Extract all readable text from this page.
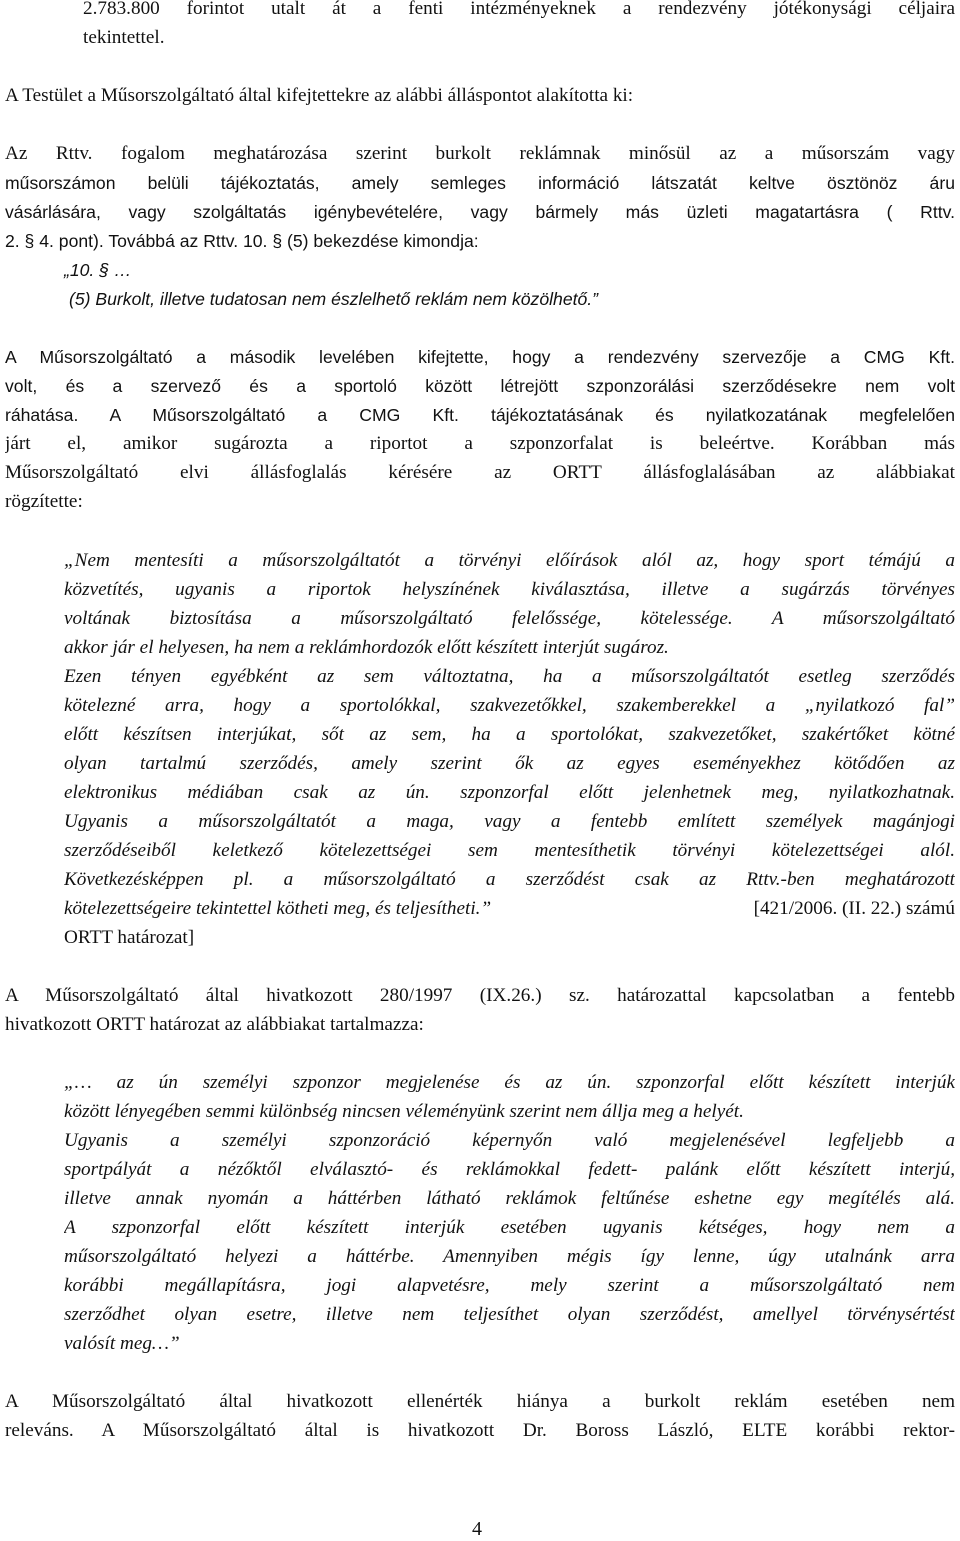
2.783.800 forintot utalt át a fenti intézményeknek a rendezvény jótékonysági céljaira
tekintettel.
A Testület a Műsorszolgáltató által kifejtettekre az alábbi álláspontot alakította ki:
Az Rttv. fogalom meghatározása szerint burkolt reklámnak minősül az a műsorszám vagy
műsorszámon belüli tájékoztatás, amely semleges információ látszatát keltve ösztönöz áru
vásárlására, vagy szolgáltatás igénybevételére, vagy bármely más üzleti magatartásra ( Rttv.
2. § 4. pont). Továbbá az Rttv. 10. § (5) bekezdése kimondja:
„10. § …
(5) Burkolt, illetve tudatosan nem észlelhető reklám nem közölhető.”
A Műsorszolgáltató a második levelében kifejtette, hogy a rendezvény szervezője a CMG Kft.
volt, és a szervező és a sportoló között létrejött szponzorálási szerződésekre nem volt
ráhatása. A Műsorszolgáltató a CMG Kft. tájékoztatásának és nyilatkozatának megfelelően
járt el, amikor sugározta a riportot a szponzorfalat is beleértve. Korábban más
Műsorszolgáltató elvi állásfoglalás kérésére az ORTT állásfoglalásában az alábbiakat
rögzítette:
„Nem mentesíti a műsorszolgáltatót a törvényi előírások alól az, hogy sport témájú a
közvetítés, ugyanis a riportok helyszínének kiválasztása, illetve a sugárzás törvényes
voltának biztosítása a műsorszolgáltató felelőssége, kötelessége. A műsorszolgáltató
akkor jár el helyesen, ha nem a reklámhordozók előtt készített interjút sugároz.
Ezen tényen egyébként az sem változtatna, ha a műsorszolgáltatót esetleg szerződés
kötelezné arra, hogy a sportolókkal, szakvezetőkkel, szakemberekkel a „nyilatkozó fal”
előtt készítsen interjúkat, sőt az sem, ha a sportolókat, szakvezetőket, szakértőket kötné
olyan tartalmú szerződés, amely szerint ők az egyes eseményekhez kötődően az
elektronikus médiában csak az ún. szponzorfal előtt jelenhetnek meg, nyilatkozhatnak.
Ugyanis a műsorszolgáltatót a maga, vagy a fentebb említett személyek magánjogi
szerződéseiből keletkező kötelezettségei sem mentesíthetik törvényi kötelezettségei alól.
Következésképpen pl. a műsorszolgáltató a szerződést csak az Rttv.-ben meghatározott
kötelezettségeire tekintettel kötheti meg, és teljesítheti.”	[421/2006. (II. 22.) számú
ORTT határozat]
A Műsorszolgáltató által hivatkozott 280/1997 (IX.26.) sz. határozattal kapcsolatban a fentebb
hivatkozott ORTT határozat az alábbiakat tartalmazza:
„… az ún személyi szponzor megjelenése és az ún. szponzorfal előtt készített interjúk
között lényegében semmi különbség nincsen véleményünk szerint nem állja meg a helyét.
Ugyanis a személyi szponzoráció képernyőn való megjelenésével legfeljebb a
sportpályát a nézőktől elválasztó- és reklámokkal fedett- palánk előtt készített interjú,
illetve annak nyomán a háttérben látható reklámok feltűnése eshetne egy megítélés alá.
A szponzorfal előtt készített interjúk esetében ugyanis kétséges, hogy nem a
műsorszolgáltató helyezi a háttérbe. Amennyiben mégis így lenne, úgy utalnánk arra
korábbi megállapításra, jogi alapvetésre, mely szerint a műsorszolgáltató nem
szerződhet olyan esetre, illetve nem teljesíthet olyan szerződést, amellyel törvénysértést
valósít meg…”
A Műsorszolgáltató által hivatkozott ellenérték hiánya a burkolt reklám esetében nem
releváns. A Műsorszolgáltató által is hivatkozott Dr. Boross László, ELTE korábbi rektor-
4
